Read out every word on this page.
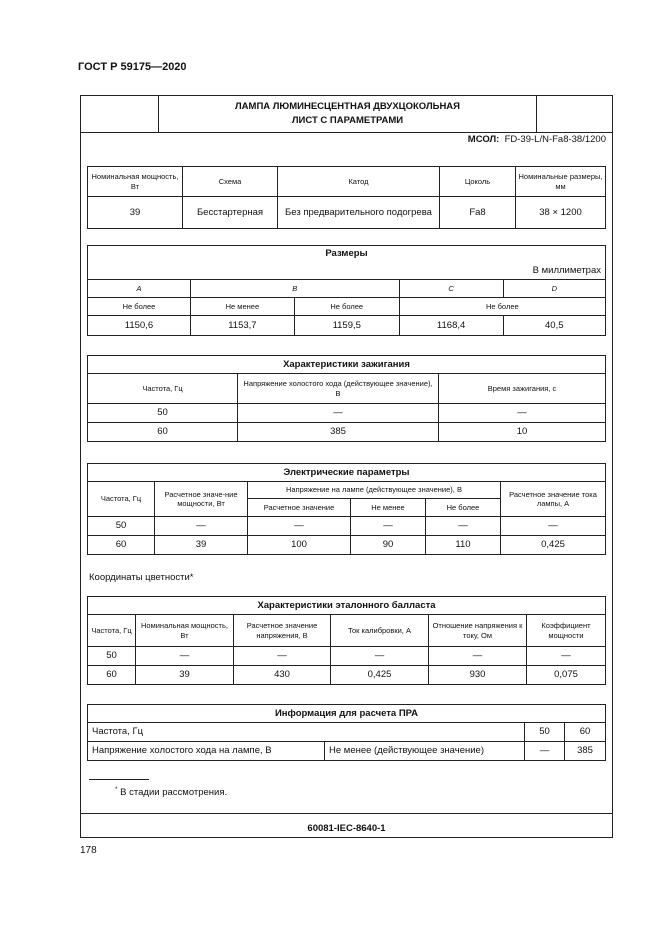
ГОСТ Р 59175—2020
ЛАМПА ЛЮМИНЕСЦЕНТНАЯ ДВУХЦОКОЛЬНАЯ
ЛИСТ С ПАРАМЕТРАМИ
МСОЛ: FD-39-L/N-Fa8-38/1200
Номинальная мощность, Вт	Схема	Катод	Цоколь	Номинальные размеры, мм
39	Бесстартерная	Без предварительного подогрева	Fa8	38 × 1200
Размеры				
В миллиметрах				
A	B		C	D
Не более	Не менее	Не более	Не более	
1150,6	1153,7	1159,5	1168,4	40,5
Характеристики зажигания		
Частота, Гц	Напряжение холостого хода (действующее значение), В	Время зажигания, с
50	—	—
60	385	10
Электрические параметры					
Частота, Гц	Расчетное значе-ние мощности, Вт	Напряжение на лампе (действующее значение), В			Расчетное значение тока лампы, А
		Расчетное значение	Не менее	Не более	
50	—	—	—	—	—
60	39	100	90	110	0,425
Координаты цветности*
Характеристики эталонного балласта					
Частота, Гц	Номинальная мощность, Вт	Расчетное значение напряжения, В	Ток калибровки, А	Отношение напряжения к току, Ом	Коэффициент мощности
50	—	—	—	—	—
60	39	430	0,425	930	0,075
Информация для расчета ПРА			
Частота, Гц		50	60
Напряжение холостого хода на лампе, В	Не менее (действующее значение)	—	385
* В стадии рассмотрения.
60081-IEC-8640-1
178
